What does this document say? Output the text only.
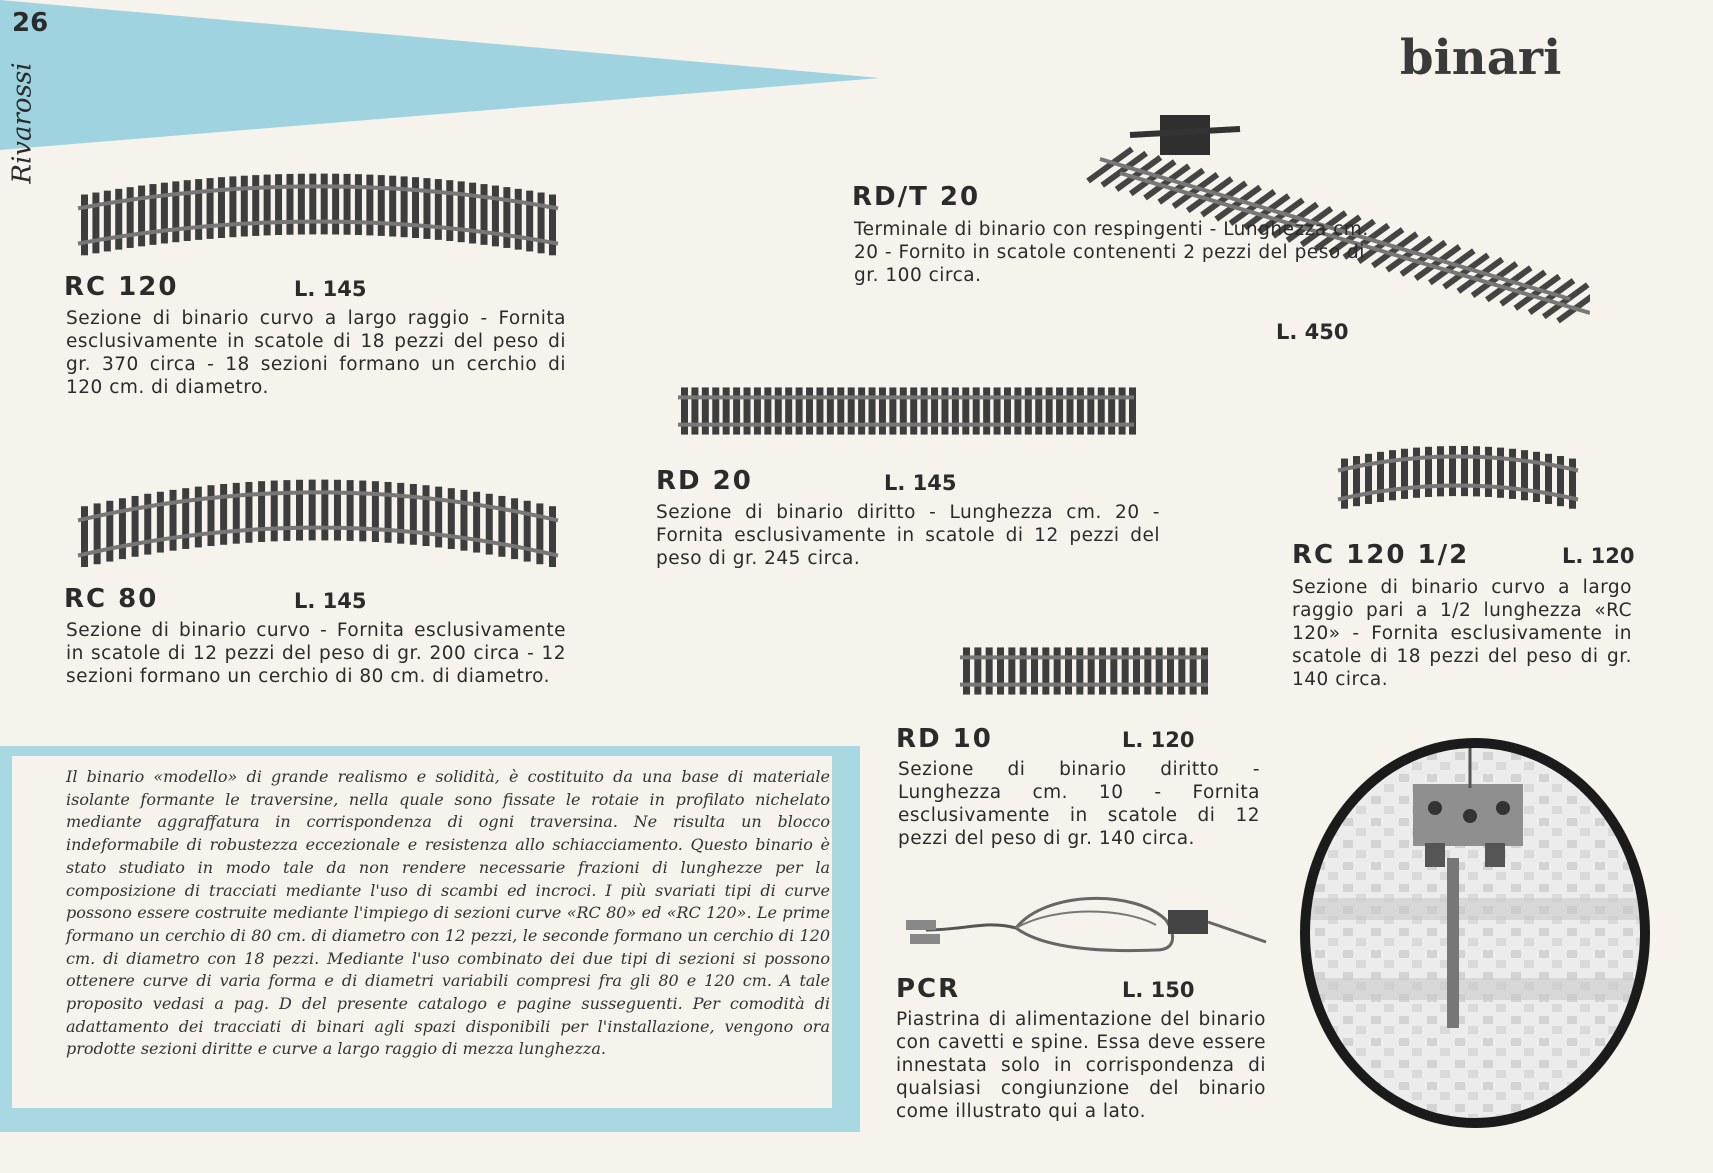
26
Rivarossi
binari
RC 120	L. 145
Sezione di binario curvo a largo raggio - Fornita esclusivamente in scatole di 18 pezzi del peso di gr. 370 circa - 18 sezioni formano un cerchio di 120 cm. di diametro.
RC 80	L. 145
Sezione di binario curvo - Fornita esclusivamente in scatole di 12 pezzi del peso di gr. 200 circa - 12 sezioni formano un cerchio di 80 cm. di diametro.
RD/T 20
Terminale di binario con respingenti - Lunghezza cm. 20 - Fornito in scatole contenenti 2 pezzi del peso di gr. 100 circa.
L. 450
RD 20	L. 145
Sezione di binario diritto - Lunghezza cm. 20 - Fornita esclusivamente in scatole di 12 pezzi del peso di gr. 245 circa.	RC 120 1/2	L. 120
Sezione di binario curvo a largo raggio pari a 1/2 lunghezza «RC 120» - Fornita esclusivamente in scatole di 18 pezzi del peso di gr. 140 circa.
RD 10	L. 120
Sezione di binario diritto - Lunghezza cm. 10 - Fornita esclusivamente in scatole di 12 pezzi del peso di gr. 140 circa.
PCR	L. 150
Piastrina di alimentazione del binario con cavetti e spine. Essa deve essere innestata solo in corrispondenza di qualsiasi congiunzione del binario come illustrato qui a lato.
Il binario «modello» di grande realismo e solidità, è costituito da una base di materiale isolante formante le traversine, nella quale sono fissate le rotaie in profilato nichelato mediante aggraffatura in corrispondenza di ogni traversina. Ne risulta un blocco indeformabile di robustezza eccezionale e resistenza allo schiacciamento. Questo binario è stato studiato in modo tale da non rendere necessarie frazioni di lunghezze per la composizione di tracciati mediante l'uso di scambi ed incroci. I più svariati tipi di curve possono essere costruite mediante l'impiego di sezioni curve «RC 80» ed «RC 120». Le prime formano un cerchio di 80 cm. di diametro con 12 pezzi, le seconde formano un cerchio di 120 cm. di diametro con 18 pezzi. Mediante l'uso combinato dei due tipi di sezioni si possono ottenere curve di varia forma e di diametri variabili compresi fra gli 80 e 120 cm. A tale proposito vedasi a pag. D del presente catalogo e pagine susseguenti. Per comodità di adattamento dei tracciati di binari agli spazi disponibili per l'installazione, vengono ora prodotte sezioni diritte e curve a largo raggio di mezza lunghezza.
